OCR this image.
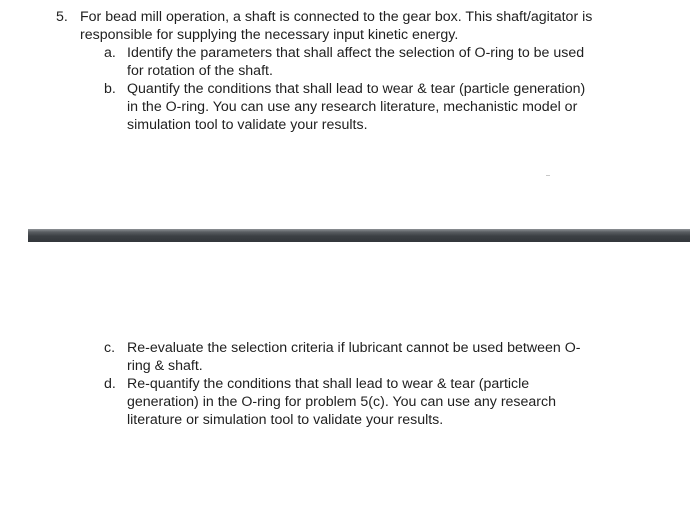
5. For bead mill operation, a shaft is connected to the gear box. This shaft/agitator is
responsible for supplying the necessary input kinetic energy.
a. Identify the parameters that shall affect the selection of O-ring to be used
for rotation of the shaft.
b. Quantify the conditions that shall lead to wear & tear (particle generation)
in the O-ring. You can use any research literature, mechanistic model or
simulation tool to validate your results.
c. Re-evaluate the selection criteria if lubricant cannot be used between O-
ring & shaft.
d. Re-quantify the conditions that shall lead to wear & tear (particle
generation) in the O-ring for problem 5(c). You can use any research
literature or simulation tool to validate your results.
